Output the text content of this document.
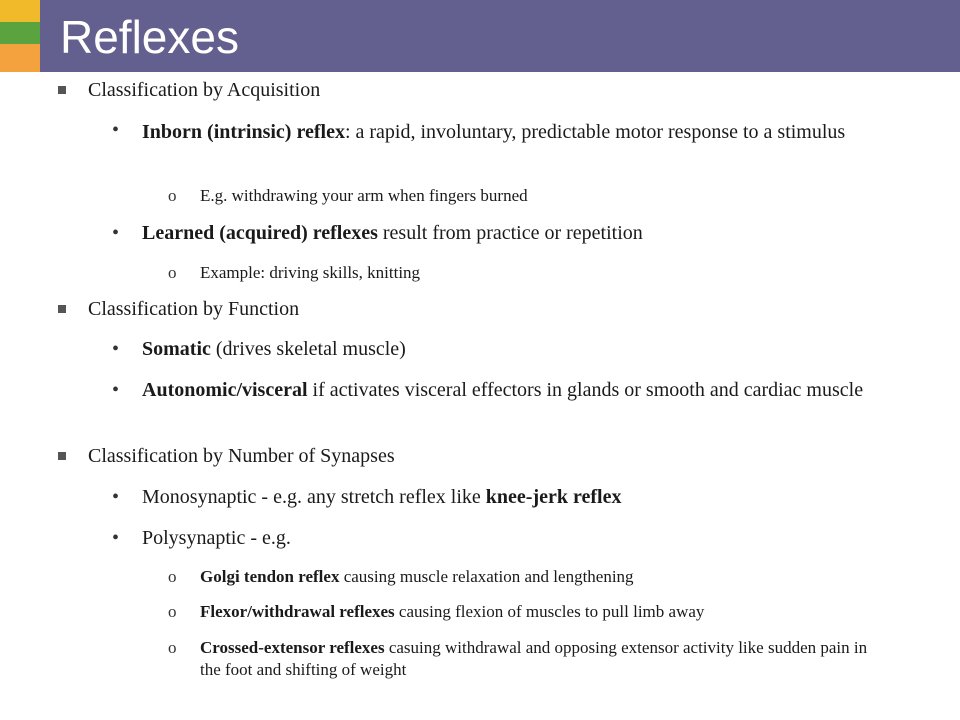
Reflexes
Classification by Acquisition
• Inborn (intrinsic) reflex: a rapid, involuntary, predictable motor response to a stimulus
o E.g. withdrawing your arm when fingers burned
• Learned (acquired) reflexes result from practice or repetition
o Example: driving skills, knitting
Classification by Function
• Somatic (drives skeletal muscle)
• Autonomic/visceral if activates visceral effectors in glands or smooth and cardiac muscle
Classification by Number of Synapses
• Monosynaptic - e.g. any stretch reflex like knee-jerk reflex
• Polysynaptic - e.g.
o Golgi tendon reflex causing muscle relaxation and lengthening
o Flexor/withdrawal reflexes causing flexion of muscles to pull limb away
o Crossed-extensor reflexes casuing withdrawal and opposing extensor activity like sudden pain in the foot and shifting of weight
